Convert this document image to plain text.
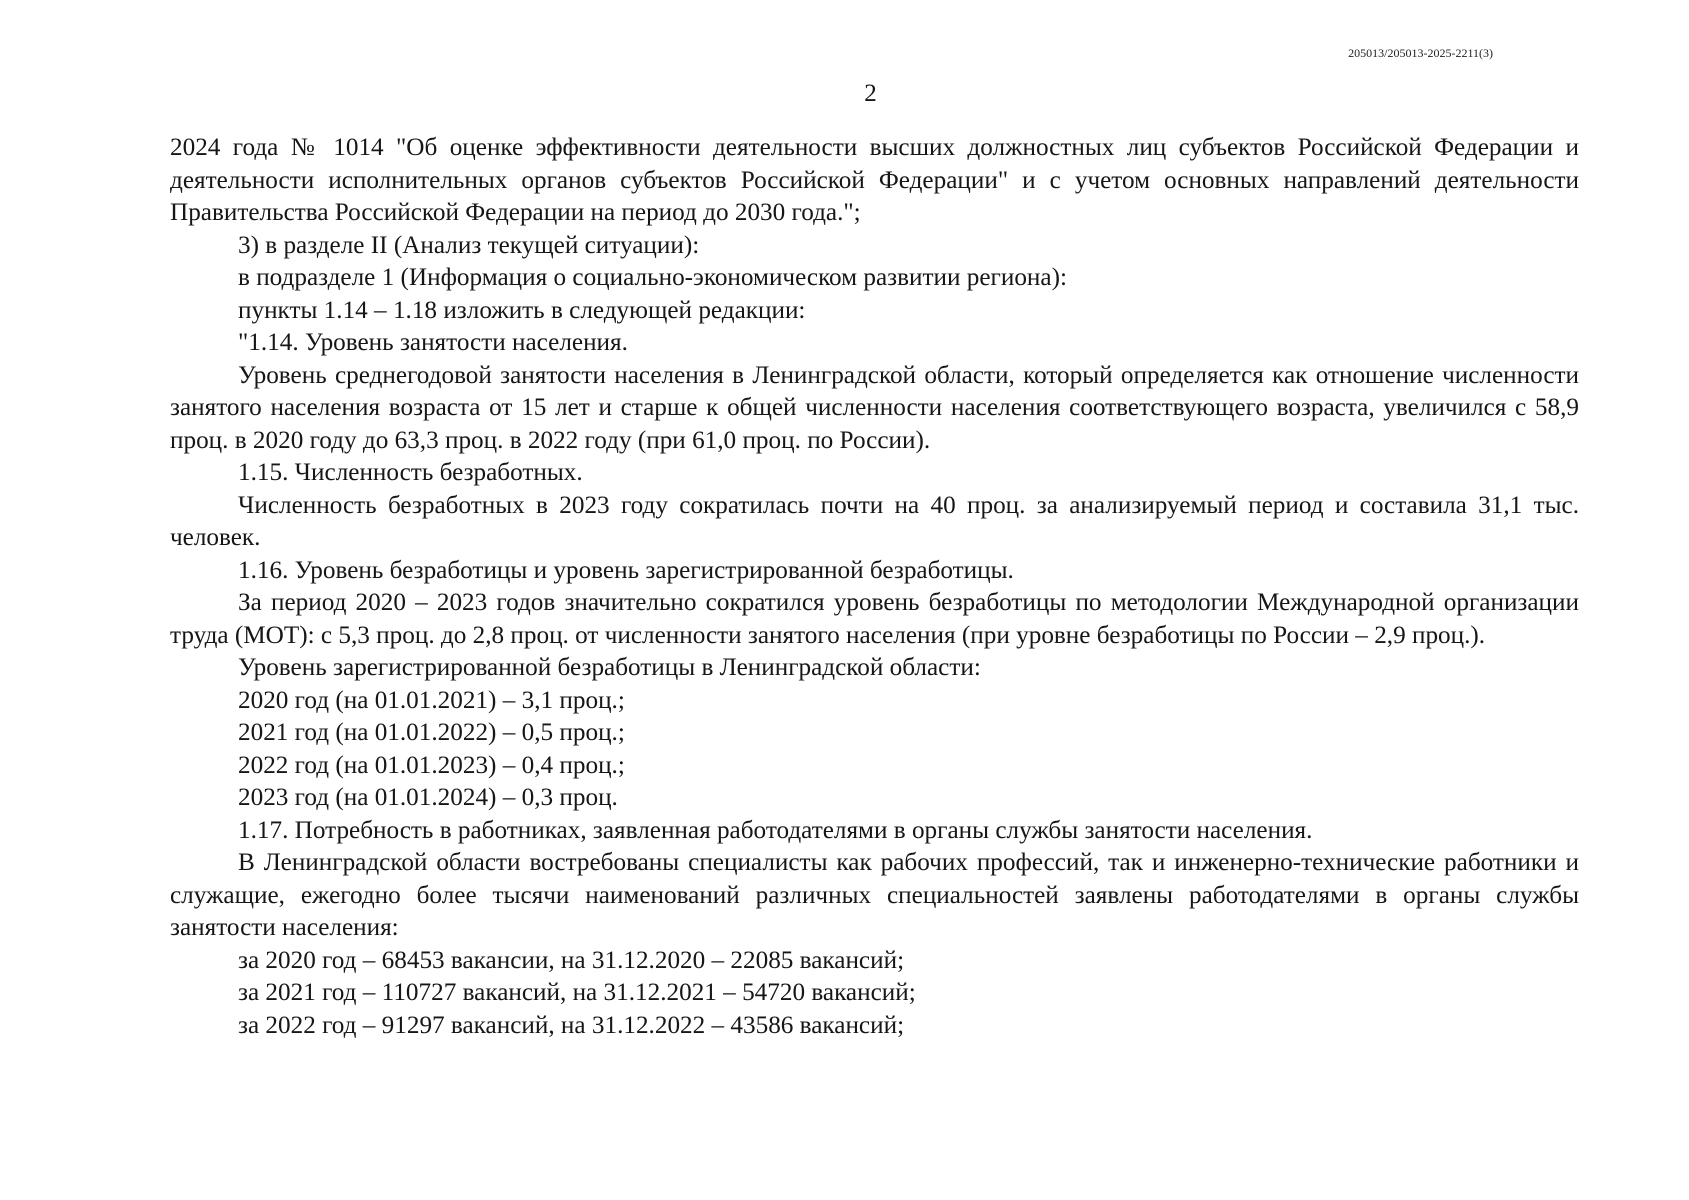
205013/205013-2025-2211(3)
2

2024 года № 1014 "Об оценке эффективности деятельности высших должностных лиц субъектов Российской Федерации и деятельности исполнительных органов субъектов Российской Федерации" и с учетом основных направлений деятельности Правительства Российской Федерации на период до 2030 года.";

3) в разделе II (Анализ текущей ситуации):

в подразделе 1 (Информация о социально-экономическом развитии региона):

пункты 1.14 – 1.18 изложить в следующей редакции:

"1.14. Уровень занятости населения.

Уровень среднегодовой занятости населения в Ленинградской области, который определяется как отношение численности занятого населения возраста от 15 лет и старше к общей численности населения соответствующего возраста, увеличился с 58,9 проц. в 2020 году до 63,3 проц. в 2022 году (при 61,0 проц. по России).

1.15. Численность безработных.

Численность безработных в 2023 году сократилась почти на 40 проц. за анализируемый период и составила 31,1 тыс. человек.

1.16. Уровень безработицы и уровень зарегистрированной безработицы.

За период 2020 – 2023 годов значительно сократился уровень безработицы по методологии Международной организации труда (МОТ): с 5,3 проц. до 2,8 проц. от численности занятого населения (при уровне безработицы по России – 2,9 проц.).

Уровень зарегистрированной безработицы в Ленинградской области:

2020 год (на 01.01.2021) – 3,1 проц.;

2021 год (на 01.01.2022) – 0,5 проц.;

2022 год (на 01.01.2023) – 0,4 проц.;

2023 год (на 01.01.2024) – 0,3 проц.

1.17. Потребность в работниках, заявленная работодателями в органы службы занятости населения.

В Ленинградской области востребованы специалисты как рабочих профессий, так и инженерно-технические работники и служащие, ежегодно более тысячи наименований различных специальностей заявлены работодателями в органы службы занятости населения:

за 2020 год – 68453 вакансии, на 31.12.2020 – 22085 вакансий;

за 2021 год – 110727 вакансий, на 31.12.2021 – 54720 вакансий;

за 2022 год – 91297 вакансий, на 31.12.2022 – 43586 вакансий;
